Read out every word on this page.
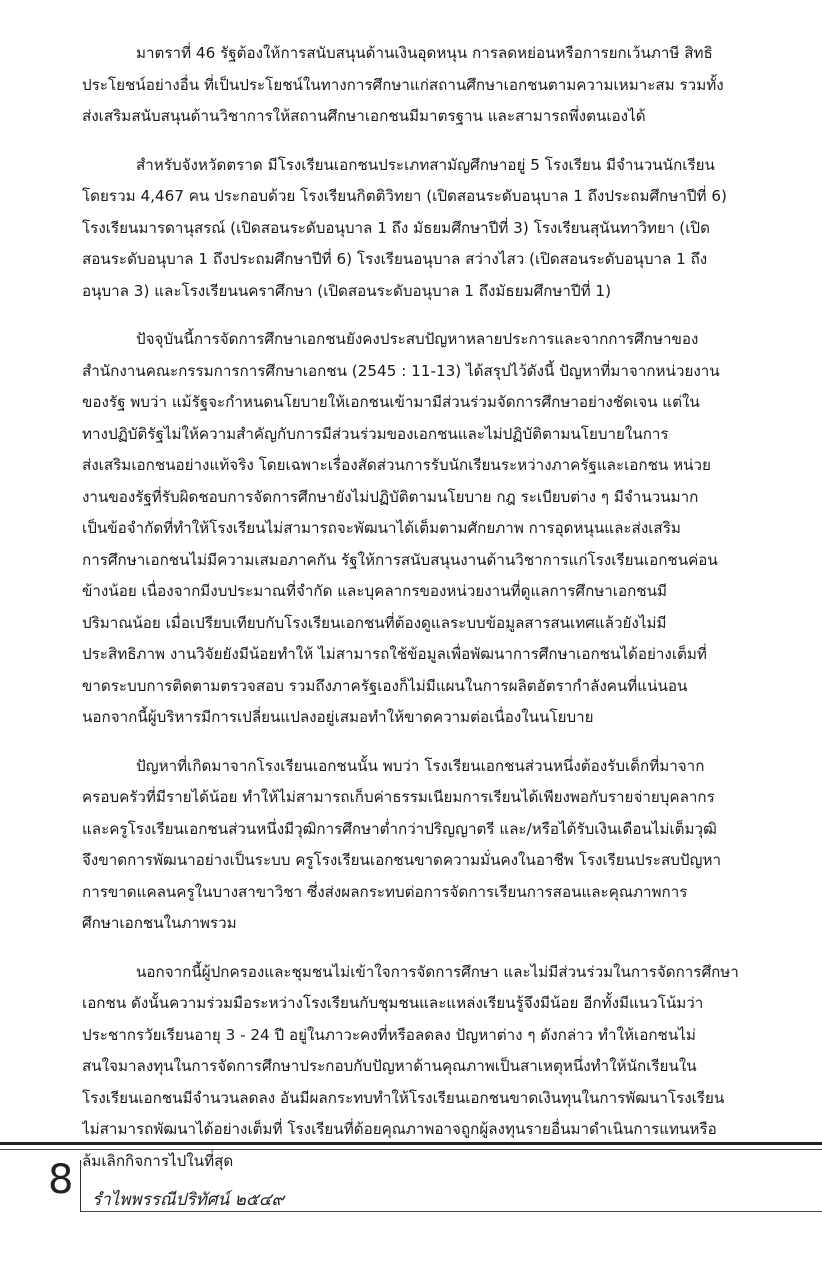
มาตราที่ 46 รัฐต้องให้การสนับสนุนด้านเงินอุดหนุน การลดหย่อนหรือการยกเว้นภาษี สิทธิ
ประโยชน์อย่างอื่น ที่เป็นประโยชน์ในทางการศึกษาแก่สถานศึกษาเอกชนตามความเหมาะสม รวมทั้ง
ส่งเสริมสนับสนุนด้านวิชาการให้สถานศึกษาเอกชนมีมาตรฐาน และสามารถพึ่งตนเองได้
สำหรับจังหวัดตราด มีโรงเรียนเอกชนประเภทสามัญศึกษาอยู่ 5 โรงเรียน มีจำนวนนักเรียน
โดยรวม 4,467 คน ประกอบด้วย โรงเรียนกิตติวิทยา (เปิดสอนระดับอนุบาล 1 ถึงประถมศึกษาปีที่ 6)
โรงเรียนมารดานุสรณ์ (เปิดสอนระดับอนุบาล 1 ถึง มัธยมศึกษาปีที่ 3) โรงเรียนสุนันทาวิทยา (เปิด
สอนระดับอนุบาล 1 ถึงประถมศึกษาปีที่ 6) โรงเรียนอนุบาล สว่างไสว (เปิดสอนระดับอนุบาล 1 ถึง
อนุบาล 3) และโรงเรียนนคราศึกษา (เปิดสอนระดับอนุบาล 1 ถึงมัธยมศึกษาปีที่ 1)
ปัจจุบันนี้การจัดการศึกษาเอกชนยังคงประสบปัญหาหลายประการและจากการศึกษาของ
สำนักงานคณะกรรมการการศึกษาเอกชน (2545 : 11-13) ได้สรุปไว้ดังนี้ ปัญหาที่มาจากหน่วยงาน
ของรัฐ พบว่า แม้รัฐจะกำหนดนโยบายให้เอกชนเข้ามามีส่วนร่วมจัดการศึกษาอย่างชัดเจน แต่ใน
ทางปฏิบัติรัฐไม่ให้ความสำคัญกับการมีส่วนร่วมของเอกชนและไม่ปฏิบัติตามนโยบายในการ
ส่งเสริมเอกชนอย่างแท้จริง โดยเฉพาะเรื่องสัดส่วนการรับนักเรียนระหว่างภาครัฐและเอกชน หน่วย
งานของรัฐที่รับผิดชอบการจัดการศึกษายังไม่ปฏิบัติตามนโยบาย กฎ ระเบียบต่าง ๆ มีจำนวนมาก
เป็นข้อจำกัดที่ทำให้โรงเรียนไม่สามารถจะพัฒนาได้เต็มตามศักยภาพ การอุดหนุนและส่งเสริม
การศึกษาเอกชนไม่มีความเสมอภาคกัน รัฐให้การสนับสนุนงานด้านวิชาการแก่โรงเรียนเอกชนค่อน
ข้างน้อย เนื่องจากมีงบประมาณที่จำกัด และบุคลากรของหน่วยงานที่ดูแลการศึกษาเอกชนมี
ปริมาณน้อย เมื่อเปรียบเทียบกับโรงเรียนเอกชนที่ต้องดูแลระบบข้อมูลสารสนเทศแล้วยังไม่มี
ประสิทธิภาพ งานวิจัยยังมีน้อยทำให้ ไม่สามารถใช้ข้อมูลเพื่อพัฒนาการศึกษาเอกชนได้อย่างเต็มที่
ขาดระบบการติดตามตรวจสอบ รวมถึงภาครัฐเองก็ไม่มีแผนในการผลิตอัตรากำลังคนที่แน่นอน
นอกจากนี้ผู้บริหารมีการเปลี่ยนแปลงอยู่เสมอทำให้ขาดความต่อเนื่องในนโยบาย
ปัญหาที่เกิดมาจากโรงเรียนเอกชนนั้น พบว่า โรงเรียนเอกชนส่วนหนึ่งต้องรับเด็กที่มาจาก
ครอบครัวที่มีรายได้น้อย ทำให้ไม่สามารถเก็บค่าธรรมเนียมการเรียนได้เพียงพอกับรายจ่ายบุคลากร
และครูโรงเรียนเอกชนส่วนหนึ่งมีวุฒิการศึกษาต่ำกว่าปริญญาตรี และ/หรือได้รับเงินเดือนไม่เต็มวุฒิ
จึงขาดการพัฒนาอย่างเป็นระบบ ครูโรงเรียนเอกชนขาดความมั่นคงในอาชีพ โรงเรียนประสบปัญหา
การขาดแคลนครูในบางสาขาวิชา ซึ่งส่งผลกระทบต่อการจัดการเรียนการสอนและคุณภาพการ
ศึกษาเอกชนในภาพรวม
นอกจากนี้ผู้ปกครองและชุมชนไม่เข้าใจการจัดการศึกษา และไม่มีส่วนร่วมในการจัดการศึกษา
เอกชน ดังนั้นความร่วมมือระหว่างโรงเรียนกับชุมชนและแหล่งเรียนรู้จึงมีน้อย อีกทั้งมีแนวโน้มว่า
ประชากรวัยเรียนอายุ 3 - 24 ปี อยู่ในภาวะคงที่หรือลดลง ปัญหาต่าง ๆ ดังกล่าว ทำให้เอกชนไม่
สนใจมาลงทุนในการจัดการศึกษาประกอบกับปัญหาด้านคุณภาพเป็นสาเหตุหนึ่งทำให้นักเรียนใน
โรงเรียนเอกชนมีจำนวนลดลง อันมีผลกระทบทำให้โรงเรียนเอกชนขาดเงินทุนในการพัฒนาโรงเรียน
ไม่สามารถพัฒนาได้อย่างเต็มที่ โรงเรียนที่ด้อยคุณภาพอาจถูกผู้ลงทุนรายอื่นมาดำเนินการแทนหรือ
ล้มเลิกกิจการไปในที่สุด
8 รำไพพรรณีปริทัศน์ ๒๕๔๙
